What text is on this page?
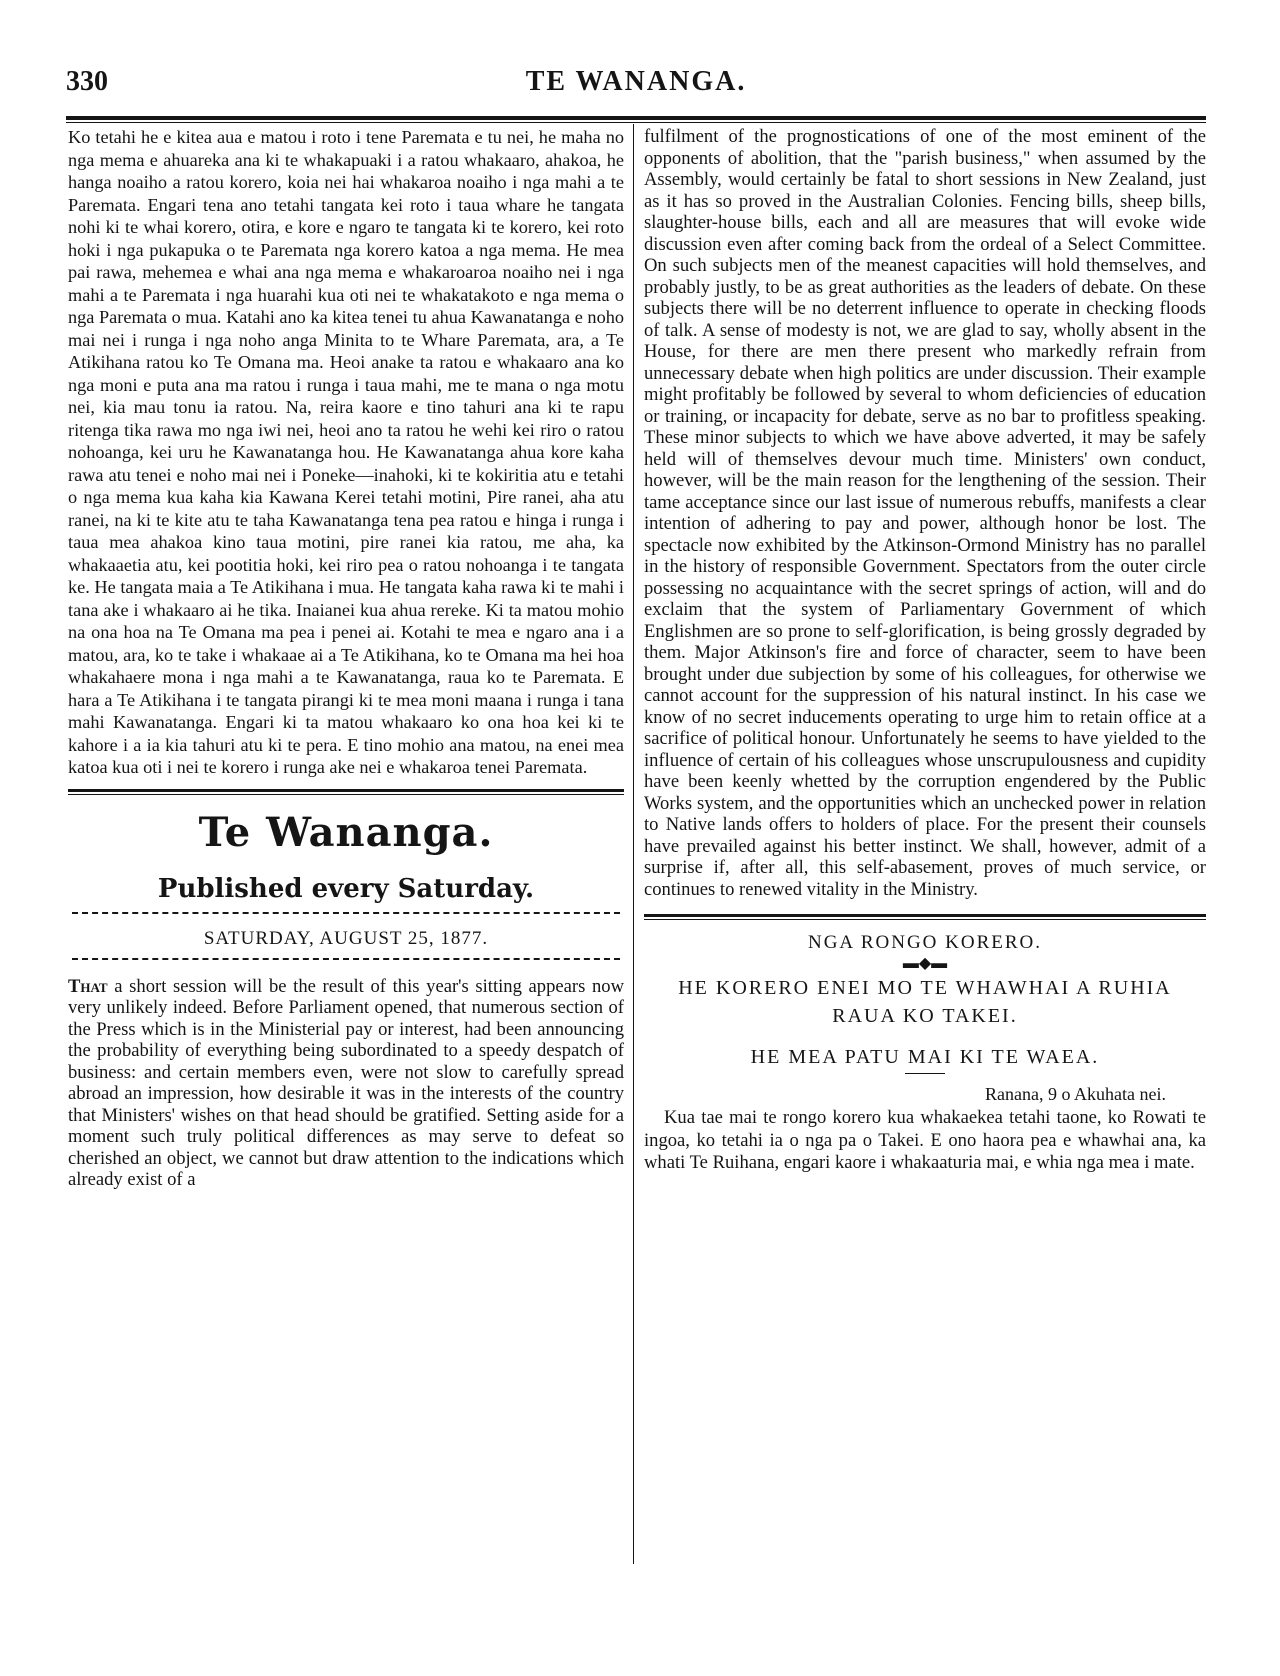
330	TE WANANGA.

Ko tetahi he e kitea aua e matou i roto i tene Paremata e tu nei, he maha no nga mema e ahuareka ana ki te whakapuaki i a ratou whakaaro, ahakoa, he hanga noaiho a ratou korero, koia nei hai whakaroa noaiho i nga mahi a te Paremata. Engari tena ano tetahi tangata kei roto i taua whare he tangata nohi ki te whai korero, otira, e kore e ngaro te tangata ki te korero, kei roto hoki i nga pukapuka o te Paremata nga korero katoa a nga mema. He mea pai rawa, mehemea e whai ana nga mema e whakaroaroa noaiho nei i nga mahi a te Paremata i nga huarahi kua oti nei te whakatakoto e nga mema o nga Paremata o mua. Katahi ano ka kitea tenei tu ahua Kawanatanga e noho mai nei i runga i nga noho anga Minita to te Whare Paremata, ara, a Te Atikihana ratou ko Te Omana ma. Heoi anake ta ratou e whakaaro ana ko nga moni e puta ana ma ratou i runga i taua mahi, me te mana o nga motu nei, kia mau tonu ia ratou. Na, reira kaore e tino tahuri ana ki te rapu ritenga tika rawa mo nga iwi nei, heoi ano ta ratou he wehi kei riro o ratou nohoanga, kei uru he Kawanatanga hou. He Kawanatanga ahua kore kaha rawa atu tenei e noho mai nei i Poneke—inahoki, ki te kokiritia atu e tetahi o nga mema kua kaha kia Kawana Kerei tetahi motini, Pire ranei, aha atu ranei, na ki te kite atu te taha Kawanatanga tena pea ratou e hinga i runga i taua mea ahakoa kino taua motini, pire ranei kia ratou, me aha, ka whakaaetia atu, kei pootitia hoki, kei riro pea o ratou nohoanga i te tangata ke. He tangata maia a Te Atikihana i mua. He tangata kaha rawa ki te mahi i tana ake i whakaaro ai he tika. Inaianei kua ahua rereke. Ki ta matou mohio na ona hoa na Te Omana ma pea i penei ai. Kotahi te mea e ngaro ana i a matou, ara, ko te take i whakaae ai a Te Atikihana, ko te Omana ma hei hoa whakahaere mona i nga mahi a te Kawanatanga, raua ko te Paremata. E hara a Te Atikihana i te tangata pirangi ki te mea moni maana i runga i tana mahi Kawanatanga. Engari ki ta matou whakaaro ko ona hoa kei ki te kahore i a ia kia tahuri atu ki te pera. E tino mohio ana matou, na enei mea katoa kua oti i nei te korero i runga ake nei e whakaroa tenei Paremata.

Te Wananga.
Published every Saturday.
SATURDAY, AUGUST 25, 1877.

That a short session will be the result of this year's sitting appears now very unlikely indeed. Before Parliament opened, that numerous section of the Press which is in the Ministerial pay or interest, had been announcing the probability of everything being subordinated to a speedy despatch of business: and certain members even, were not slow to carefully spread abroad an impression, how desirable it was in the interests of the country that Ministers' wishes on that head should be gratified. Setting aside for a moment such truly political differences as may serve to defeat so cherished an object, we cannot but draw attention to the indications which already exist of a

fulfilment of the prognostications of one of the most eminent of the opponents of abolition, that the "parish business," when assumed by the Assembly, would certainly be fatal to short sessions in New Zealand, just as it has so proved in the Australian Colonies. Fencing bills, sheep bills, slaughter-house bills, each and all are measures that will evoke wide discussion even after coming back from the ordeal of a Select Committee. On such subjects men of the meanest capacities will hold themselves, and probably justly, to be as great authorities as the leaders of debate. On these subjects there will be no deterrent influence to operate in checking floods of talk. A sense of modesty is not, we are glad to say, wholly absent in the House, for there are men there present who markedly refrain from unnecessary debate when high politics are under discussion. Their example might profitably be followed by several to whom deficiencies of education or training, or incapacity for debate, serve as no bar to profitless speaking. These minor subjects to which we have above adverted, it may be safely held will of themselves devour much time. Ministers' own conduct, however, will be the main reason for the lengthening of the session. Their tame acceptance since our last issue of numerous rebuffs, manifests a clear intention of adhering to pay and power, although honor be lost. The spectacle now exhibited by the Atkinson-Ormond Ministry has no parallel in the history of responsible Government. Spectators from the outer circle possessing no acquaintance with the secret springs of action, will and do exclaim that the system of Parliamentary Government of which Englishmen are so prone to self-glorification, is being grossly degraded by them. Major Atkinson's fire and force of character, seem to have been brought under due subjection by some of his colleagues, for otherwise we cannot account for the suppression of his natural instinct. In his case we know of no secret inducements operating to urge him to retain office at a sacrifice of political honour. Unfortunately he seems to have yielded to the influence of certain of his colleagues whose unscrupulousness and cupidity have been keenly whetted by the corruption engendered by the Public Works system, and the opportunities which an unchecked power in relation to Native lands offers to holders of place. For the present their counsels have prevailed against his better instinct. We shall, however, admit of a surprise if, after all, this self-abasement, proves of much service, or continues to renewed vitality in the Ministry.

NGA RONGO KORERO.
▬◆▬
HE KORERO ENEI MO TE WHAWHAI A RUHIA RAUA KO TAKEI.
HE MEA PATU MAI KI TE WAEA.
Ranana, 9 o Akuhata nei.

Kua tae mai te rongo korero kua whakaekea tetahi taone, ko Rowati te ingoa, ko tetahi ia o nga pa o Takei. E ono haora pea e whawhai ana, ka whati Te Ruihana, engari kaore i whakaaturia mai, e whia nga mea i mate.
